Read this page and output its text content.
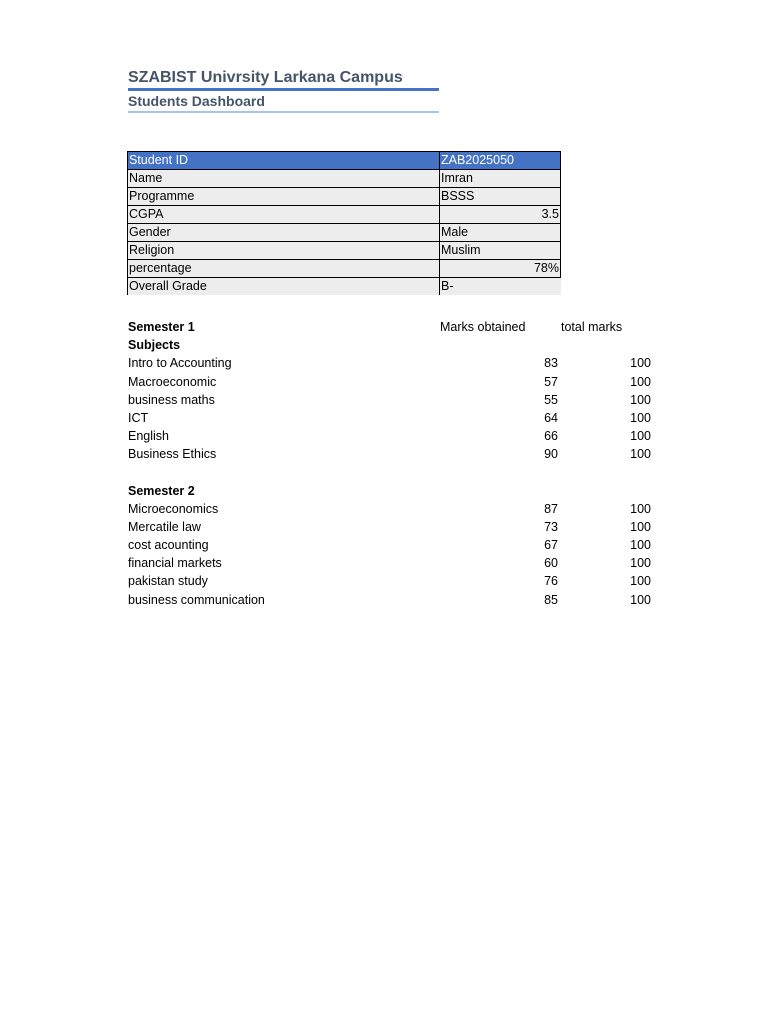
SZABIST Univrsity Larkana Campus
Students Dashboard
Student ID	ZAB2025050
Name	Imran
Programme	BSSS
CGPA	3.5
Gender	Male
Religion	Muslim
percentage	78%
Overall Grade	B-
Semester 1	Marks obtained	total marks
Subjects
Intro to Accounting	83	100
Macroeconomic	57	100
business maths	55	100
ICT	64	100
English	66	100
Business Ethics	90	100
Semester 2
Microeconomics	87	100
Mercatile law	73	100
cost acounting	67	100
financial markets	60	100
pakistan study	76	100
business communication	85	100
